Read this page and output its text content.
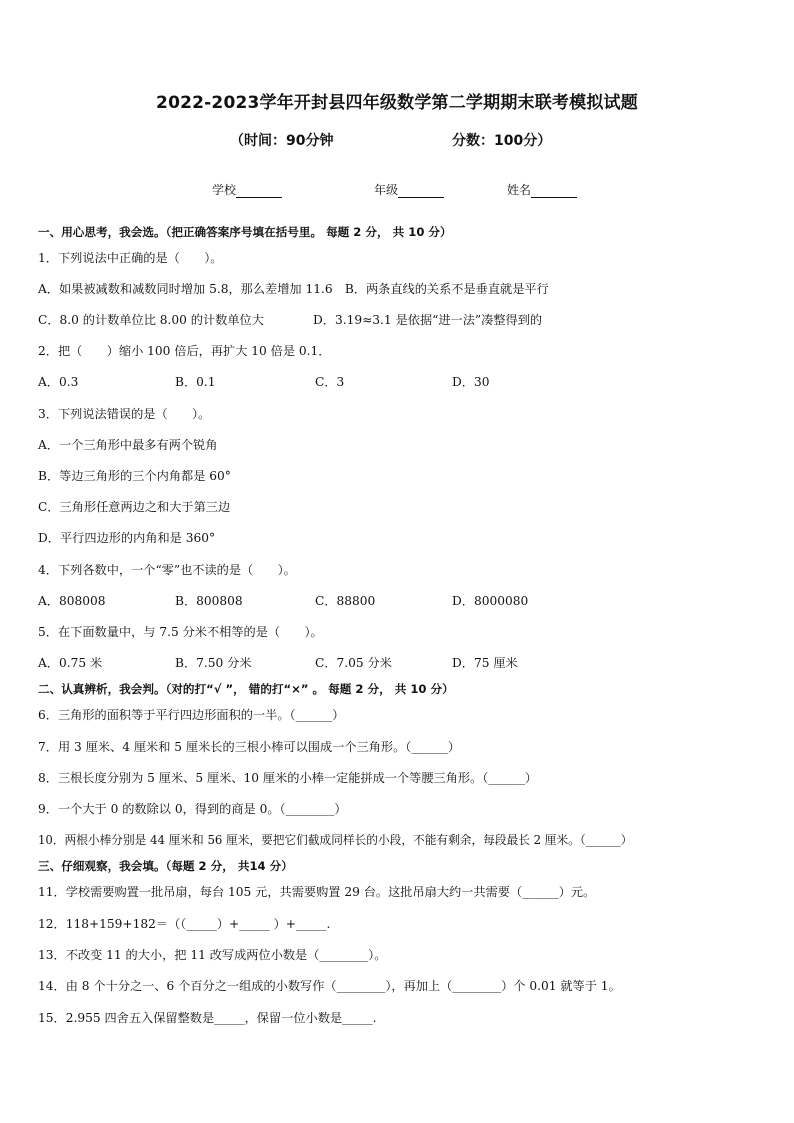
2022-2023学年开封县四年级数学第二学期期末联考模拟试题
（时间：90分钟	分数：100分）
学校	年级	姓名
一、用心思考，我会选。（把正确答案序号填在括号里。 每题 2 分， 共 10 分）
1．下列说法中正确的是（　　）。
A．如果被减数和减数同时增加 5.8，那么差增加 11.6　B．两条直线的关系不是垂直就是平行
C．8.0 的计数单位比 8.00 的计数单位大	D．3.19≈3.1 是依据“进一法”凑整得到的
2．把（　　）缩小 100 倍后，再扩大 10 倍是 0.1．
A．0.3	B．0.1	C．3	D．30
3．下列说法错误的是（　　）。
A．一个三角形中最多有两个锐角
B．等边三角形的三个内角都是 60°
C．三角形任意两边之和大于第三边
D．平行四边形的内角和是 360°
4．下列各数中，一个“零”也不读的是（　　）。
A．808008	B．800808	C．88800	D．8000080
5．在下面数量中，与 7.5 分米不相等的是（　　）。
A．0.75 米	B．7.50 分米	C．7.05 分米	D．75 厘米
二、认真辨析，我会判。（对的打“√ ”， 错的打“×” 。 每题 2 分， 共 10 分）
6．三角形的面积等于平行四边形面积的一半。（______）
7．用 3 厘米、4 厘米和 5 厘米长的三根小棒可以围成一个三角形。（______）
8．三根长度分别为 5 厘米、5 厘米、10 厘米的小棒一定能拼成一个等腰三角形。（______）
9．一个大于 0 的数除以 0，得到的商是 0。（________）
10．两根小棒分别是 44 厘米和 56 厘米，要把它们截成同样长的小段，不能有剩余，每段最长 2 厘米。（______）
三、仔细观察，我会填。（每题 2 分， 共14 分）
11．学校需要购置一批吊扇，每台 105 元，共需要购置 29 台。这批吊扇大约一共需要（______）元。
12．118+159+182＝（（_____）+_____ ）+_____.
13．不改变 11 的大小，把 11 改写成两位小数是（________）。
14．由 8 个十分之一、6 个百分之一组成的小数写作（________），再加上（________）个 0.01 就等于 1。
15．2.955 四舍五入保留整数是_____，保留一位小数是_____.
